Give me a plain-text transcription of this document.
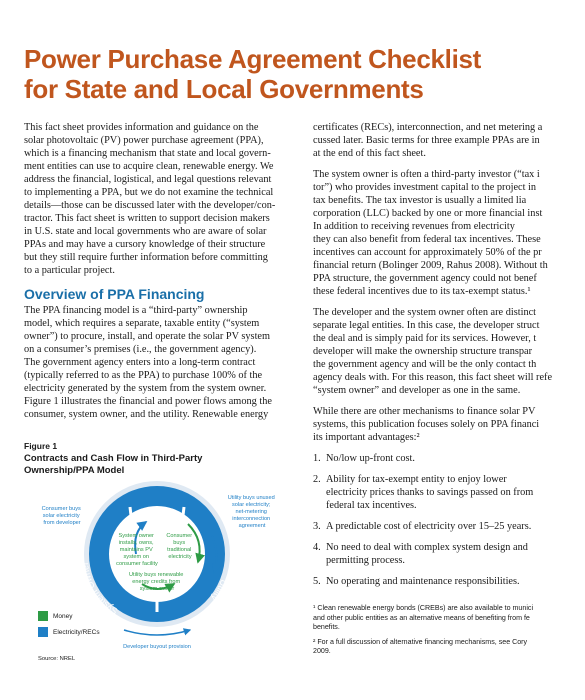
Power Purchase Agreement Checklist
for State and Local Governments

This fact sheet provides information and guidance on the
solar photovoltaic (PV) power purchase agreement (PPA),
which is a financing mechanism that state and local govern-
ment entities can use to acquire clean, renewable energy. We
address the financial, logistical, and legal questions relevant
to implementing a PPA, but we do not examine the technical
details—those can be discussed later with the developer/con-
tractor. This fact sheet is written to support decision makers
in U.S. state and local governments who are aware of solar
PPAs and may have a cursory knowledge of their structure
but they still require further information before committing
to a particular project.

Overview of PPA Financing

The PPA financing model is a “third-party” ownership
model, which requires a separate, taxable entity (“system
owner”) to procure, install, and operate the solar PV system
on a consumer’s premises (i.e., the government agency).
The government agency enters into a long-term contract
(typically referred to as the PPA) to purchase 100% of the
electricity generated by the system from the system owner.
Figure 1 illustrates the financial and power flows among the
consumer, system owner, and the utility. Renewable energy

Figure 1

Contracts and Cash Flow in Third-Party
Ownership/PPA Model

System Owner
Utility
Consumer buys solar electricity from developer
Utility buys unused solar electricity; net-metering interconnection agreement
System owner installs, owns, maintains PV system on consumer facility
Consumer buys traditional electricity
Utility buys renewable energy credits from system owner
Developer buyout provision
Money
Electricity/RECs

Source: NREL

certificates (RECs), interconnection, and net metering a
cussed later. Basic terms for three example PPAs are in
at the end of this fact sheet.

The system owner is often a third-party investor (“tax i
tor”) who provides investment capital to the project in
tax benefits. The tax investor is usually a limited lia
corporation (LLC) backed by one or more financial inst
In addition to receiving revenues from electricity
they can also benefit from federal tax incentives. These
incentives can account for approximately 50% of the pr
financial return (Bolinger 2009, Rahus 2008). Without th
PPA structure, the government agency could not benef
these federal incentives due to its tax-exempt status.¹

The developer and the system owner often are distinct
separate legal entities. In this case, the developer struct
the deal and is simply paid for its services. However, t
developer will make the ownership structure transpar
the government agency and will be the only contact th
agency deals with. For this reason, this fact sheet will refe
“system owner” and developer as one in the same.

While there are other mechanisms to finance solar PV
systems, this publication focuses solely on PPA financi
its important advantages:²

1. No/low up-front cost.
2. Ability for tax-exempt entity to enjoy lower
electricity prices thanks to savings passed on from
federal tax incentives.
3. A predictable cost of electricity over 15–25 years.
4. No need to deal with complex system design and
permitting process.
5. No operating and maintenance responsibilities.

¹ Clean renewable energy bonds (CREBs) are also available to munici
and other public entities as an alternative means of benefiting from fe
benefits.

² For a full discussion of alternative financing mechanisms, see Cory
2009.
